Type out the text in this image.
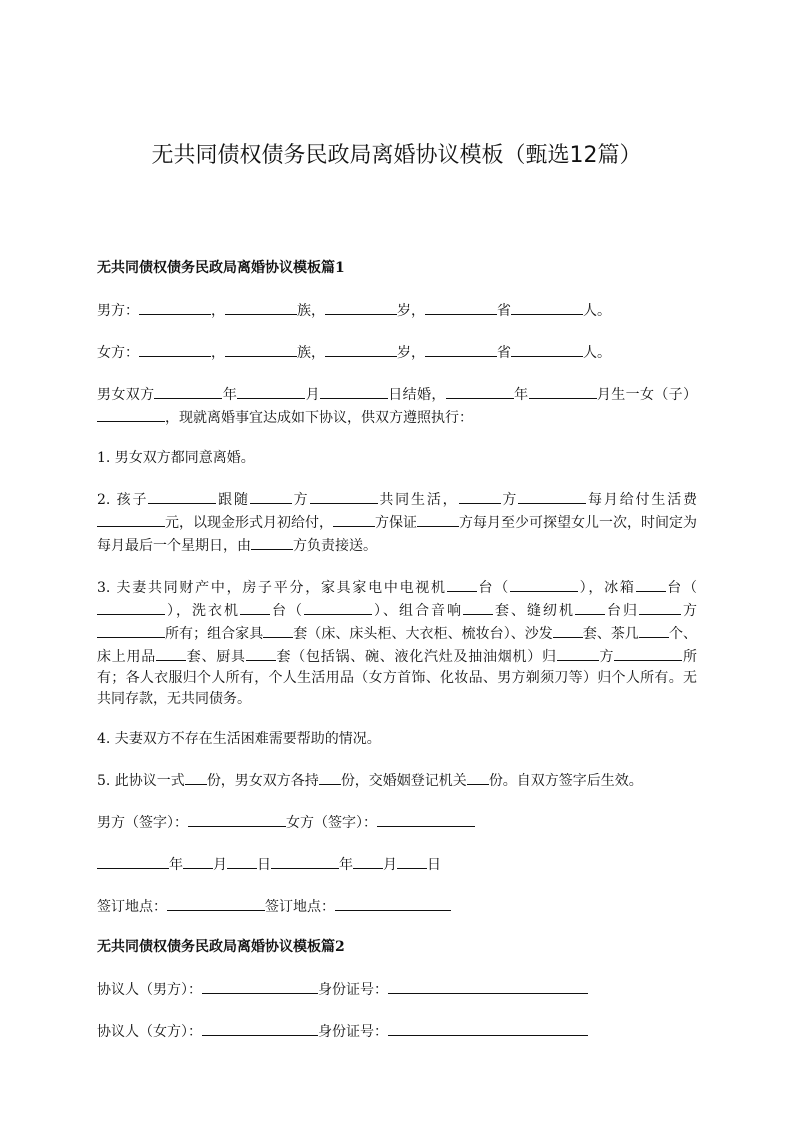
无共同债权债务民政局离婚协议模板（甄选12篇）
无共同债权债务民政局离婚协议模板篇1

男方：	，	族，	岁，	省	人。

女方：	，	族，	岁，	省	人。

男女双方	年	月	日结婚，	年	月生一女（子），现就离婚事宜达成如下协议，供双方遵照执行：

1. 男女双方都同意离婚。

2. 孩子	跟随	方	共同生活，	方	每月给付生活费元，以现金形式月初给付，	方保证	方每月至少可探望女儿一次，时间定为每月最后一个星期日，由	方负责接送。

3. 夫妻共同财产中，房子平分，家具家电中电视机 台（	），冰箱 台（），洗衣机 台（	）、组合音响 套、缝纫机 台归	方所有；组合家具 套（床、床头柜、大衣柜、梳妆台）、沙发 套、茶几 个、床上用品 套、厨具 套（包括锅、碗、液化汽灶及抽油烟机）归	方	所有；各人衣服归个人所有，个人生活用品（女方首饰、化妆品、男方剃须刀等）归个人所有。无共同存款，无共同债务。

4. 夫妻双方不存在生活困难需要帮助的情况。

5. 此协议一式 份，男女双方各持 份，交婚姻登记机关 份。自双方签字后生效。

男方（签字）：	女方（签字）：

年 月 日	年 月 日

签订地点：	签订地点：

无共同债权债务民政局离婚协议模板篇2

协议人（男方）：	身份证号：

协议人（女方）：	身份证号：
